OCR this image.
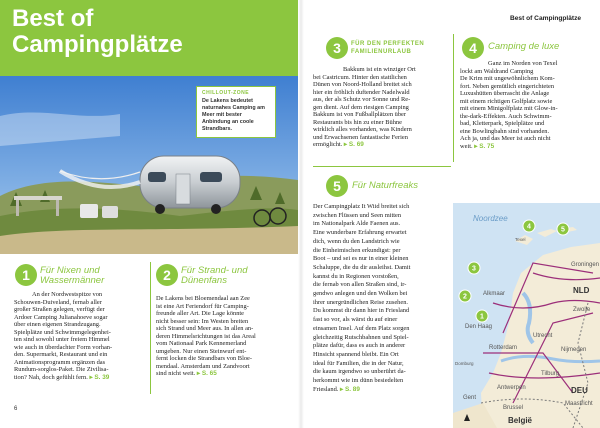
Best of
Campingplätze
CHILLOUT-ZONE
De Lakens bedeutet naturnahes Camping am Meer mit bester Anbindung an coole Strandbars.
1	Für Nixen und
Wassermänner
An der Nordwestspitze von
Schouwen-Duiveland, fernab aller
großer Straßen gelegen, verfügt der
Ardoer Camping Julianahoeve sogar
über einen eigenen Strandzugang.
Spielplätze und Schwimmgelegenhei-
ten sind sowohl unter freiem Himmel
wie auch in überdachter Form vorhan-
den. Supermarkt, Restaurant und ein
Animationsprogramm ergänzen das
Rundum-sorglos-Paket. Die Zivilisa-
tion? Nah, doch gefühlt fern. ▸ S. 39
2	Für Strand- und
Dünenfans
De Lakens bei Bloemendaal aan Zee
ist eine Art Feriendorf für Camping-
freunde aller Art. Die Lage könnte
nicht besser sein: Im Westen breiten
sich Strand und Meer aus. In allen an-
deren Himmelsrichtungen ist das Areal
vom Nationaal Park Kennemerland
umgeben. Nur einen Steinwurf ent-
fernt locken die Strandbars von Bloe-
mendaal. Amsterdam und Zandvoort
sind nicht weit. ▸ S. 65
6
Best of Campingplätze
3	FÜR DEN PERFEKTEN
FAMILIENURLAUB
Bakkum ist ein winziger Ort
bei Castricum. Hinter den stattlichen
Dünen von Noord-Holland breitet sich
hier ein fröhlich duftender Nadelwald
aus, der als Schutz vor Sonne und Re-
gen dient. Auf dem riesigen Camping
Bakkum ist von Fußballplätzen über
Restaurants bis hin zu einer Bühne
wirklich alles vorhanden, was Kindern
und Erwachsenen fantastische Ferien
ermöglicht. ▸ S. 69
4	Camping de luxe
Ganz im Norden von Texel
lockt am Waldrand Camping
De Krim mit ungewöhnlichem Kom-
fort. Neben gemütlich eingerichteten
Luxushütten überrascht die Anlage
mit einem richtigen Golfplatz sowie
mit einem Minigolfplatz mit Glow-in-
the-dark-Effekten. Auch Schwimm-
bad, Kletterpark, Spielplätze und
eine Bowlingbahn sind vorhanden.
Ach ja, und das Meer ist auch nicht
weit. ▸ S. 75
5	Für Naturfreaks
Der Campingplatz It Wiid breitet sich
zwischen Flüssen und Seen mitten
im Nationalpark Alde Faenen aus.
Eine wunderbare Erfahrung erwartet
dich, wenn du den Landstrich wie
die Einheimischen erkundigst: per
Boot – und sei es nur in einer kleinen
Schaluppe, die du dir ausleihst. Damit
kannst du in Regionen vorstoßen,
die fernab von allen Straßen sind, ir-
gendwo anlegen und den Wolken bei
ihrer unergründlichen Reise zusehen.
Du kommst dir dann hier in Friesland
fast so vor, als wärst du auf einer
einsamen Insel. Auf dem Platz sorgen
gleichzeitig Rutschbahnen und Spiel-
plätze dafür, dass es auch in anderer
Hinsicht spannend bleibt. Ein Ort
ideal für Familien, die in der Natur,
die kaum irgendwo so unberührt da-
herkommt wie im dünn besiedelten
Friesland. ▸ S. 89
Noordzee
Groningen
Zwolle
Alkmaar
Den Haag
Utrecht
Rotterdam	Nijmegen
Tilburg
Antwerpen
Brussel
Gent
Maastricht
Texel
Domburg
NLD
DEU
België
4	5
3
2
1
